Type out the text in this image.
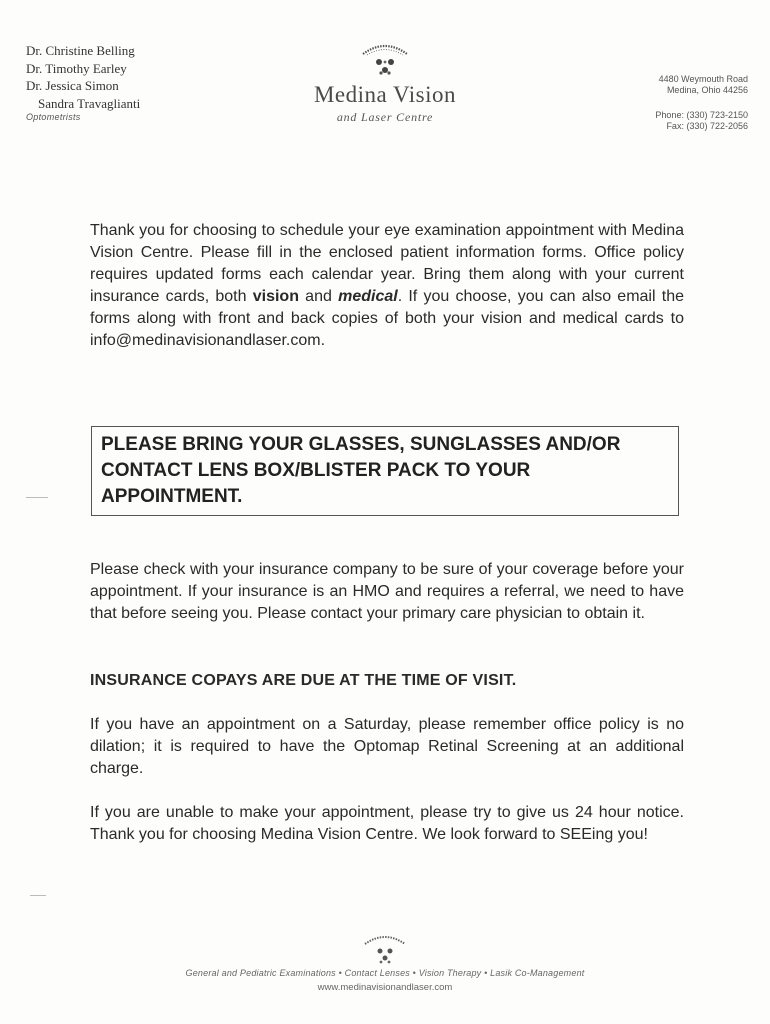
Dr. Christine Belling
Dr. Timothy Earley
Dr. Jessica Simon
Sandra Travaglianti
Optometrists
Medina Vision
and Laser Centre
4480 Weymouth Road
Medina, Ohio 44256
Phone: (330) 723-2150
Fax: (330) 722-2056
Thank you for choosing to schedule your eye examination appointment with Medina Vision Centre. Please fill in the enclosed patient information forms. Office policy requires updated forms each calendar year. Bring them along with your current insurance cards, both vision and medical. If you choose, you can also email the forms along with front and back copies of both your vision and medical cards to info@medinavisionandlaser.com.
PLEASE BRING YOUR GLASSES, SUNGLASSES AND/OR CONTACT LENS BOX/BLISTER PACK TO YOUR APPOINTMENT.
Please check with your insurance company to be sure of your coverage before your appointment. If your insurance is an HMO and requires a referral, we need to have that before seeing you. Please contact your primary care physician to obtain it.
INSURANCE COPAYS ARE DUE AT THE TIME OF VISIT.
If you have an appointment on a Saturday, please remember office policy is no dilation; it is required to have the Optomap Retinal Screening at an additional charge.
If you are unable to make your appointment, please try to give us 24 hour notice. Thank you for choosing Medina Vision Centre. We look forward to SEEing you!
General and Pediatric Examinations • Contact Lenses • Vision Therapy • Lasik Co-Management
www.medinavisionandlaser.com
